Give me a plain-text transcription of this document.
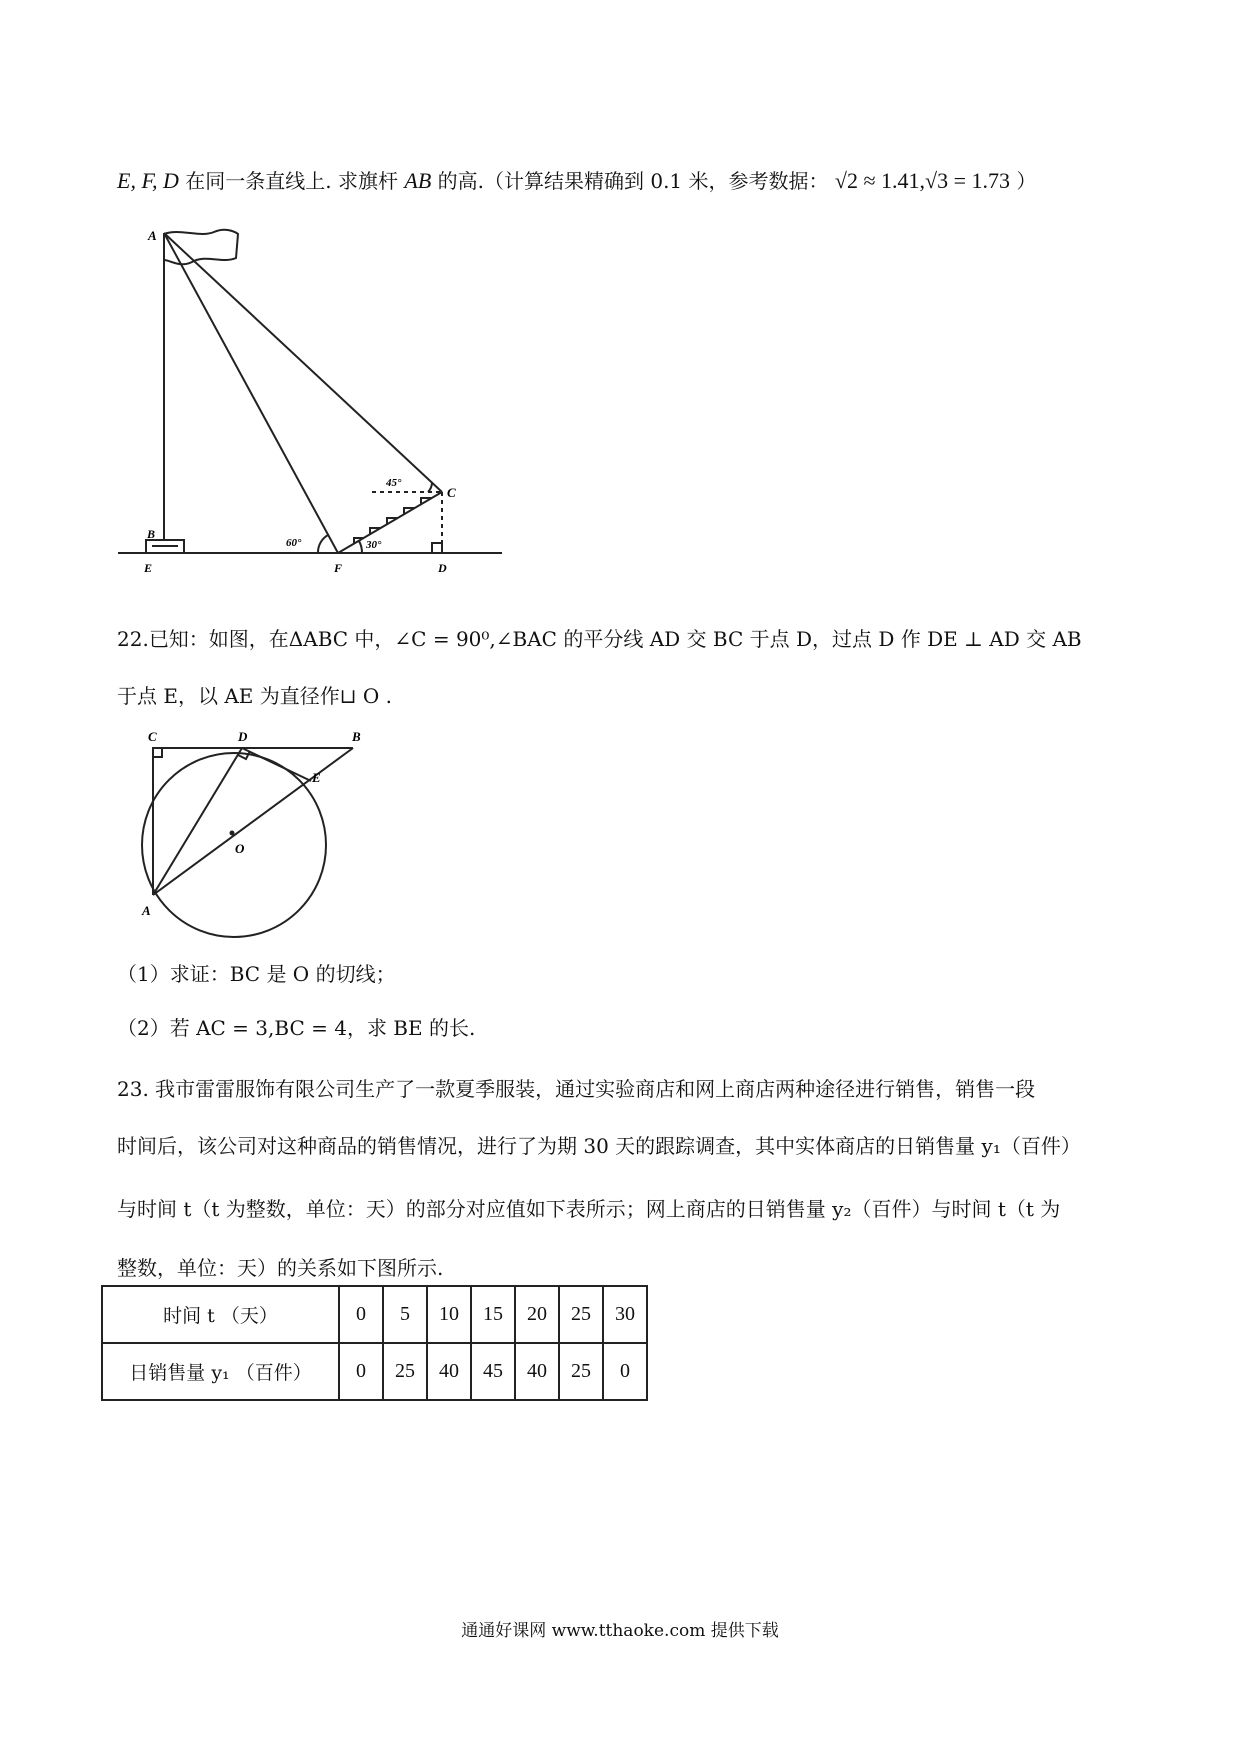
E, F, D 在同一条直线上. 求旗杆 AB 的高.（计算结果精确到 0.1 米，参考数据： √2 ≈ 1.41,√3 = 1.73 ）
A
B
C
D
E	F
45°
60°	30°
22.已知：如图，在ΔABC 中，∠C = 90⁰,∠BAC 的平分线 AD 交 BC 于点 D，过点 D 作 DE ⊥ AD 交 AB
于点 E，以 AE 为直径作⊔ O .
C	D	B
E
O
A
（1）求证：BC 是 O 的切线；
（2）若 AC = 3,BC = 4，求 BE 的长.
23. 我市雷雷服饰有限公司生产了一款夏季服装，通过实验商店和网上商店两种途径进行销售，销售一段
时间后，该公司对这种商品的销售情况，进行了为期 30 天的跟踪调查，其中实体商店的日销售量 y₁（百件）
与时间 t（t 为整数，单位：天）的部分对应值如下表所示；网上商店的日销售量 y₂（百件）与时间 t（t 为
整数，单位：天）的关系如下图所示.
时间 t （天）	0	5	10	15	20	25	30
日销售量 y₁ （百件）	0	25	40	45	40	25	0
通通好课网 www.tthaoke.com 提供下载
